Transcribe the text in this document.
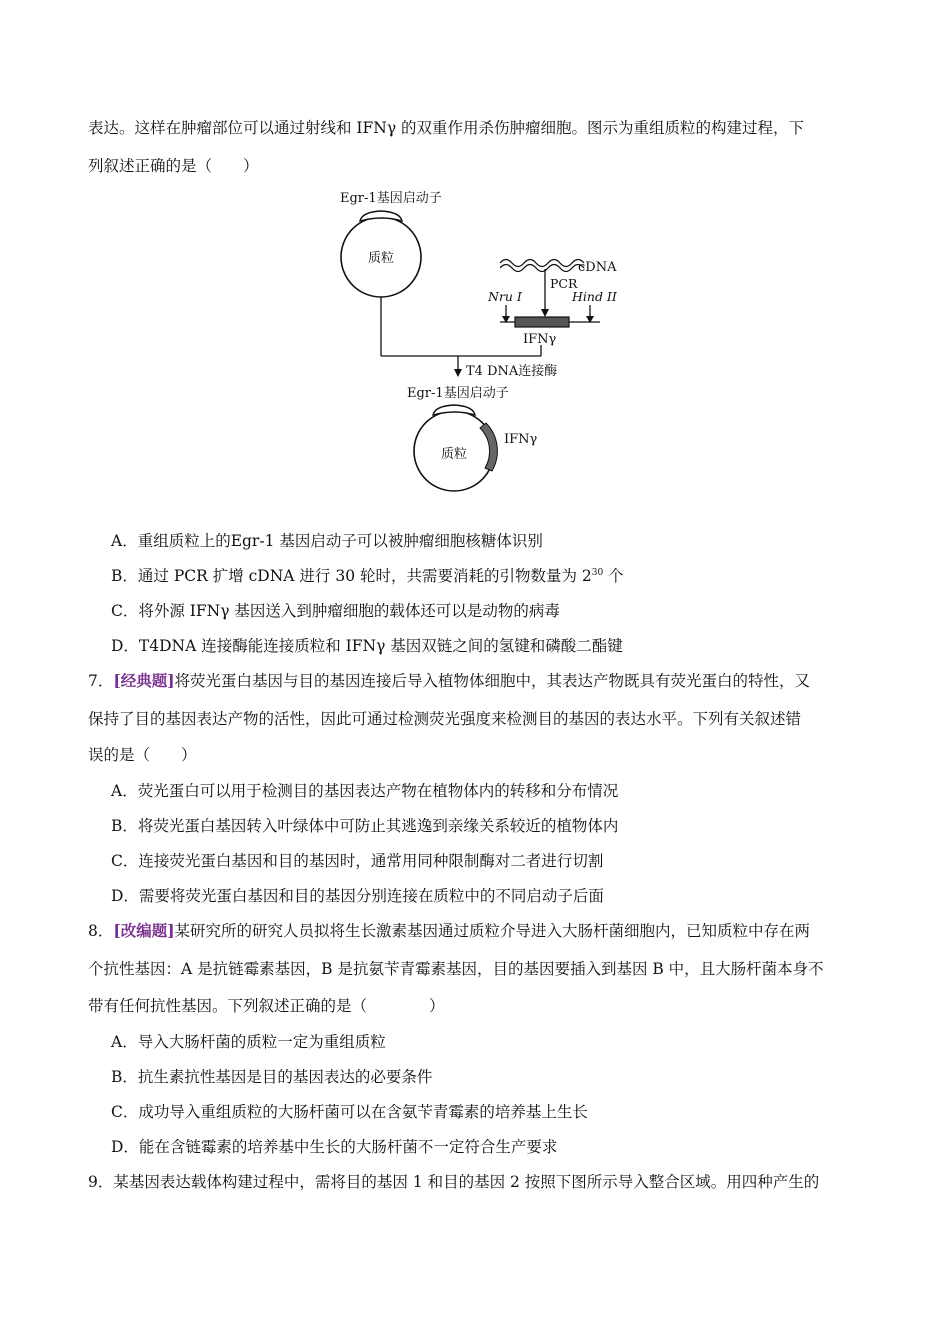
表达。这样在肿瘤部位可以通过射线和 IFNγ 的双重作用杀伤肿瘤细胞。图示为重组质粒的构建过程，下
列叙述正确的是（　　）
Egr-1基因启动子
质粒
cDNA
PCR
Nru I	Hind II
IFNγ
T4 DNA连接酶
Egr-1基因启动子
IFNγ
质粒
A．重组质粒上的Egr-1 基因启动子可以被肿瘤细胞核糖体识别
B．通过 PCR 扩增 cDNA 进行 30 轮时，共需要消耗的引物数量为 $2^{30}$ 个
C．将外源 IFNγ 基因送入到肿瘤细胞的载体还可以是动物的病毒
D．T4DNA 连接酶能连接质粒和 IFNγ 基因双链之间的氢键和磷酸二酯键
7．[经典题]将荧光蛋白基因与目的基因连接后导入植物体细胞中，其表达产物既具有荧光蛋白的特性，又
保持了目的基因表达产物的活性，因此可通过检测荧光强度来检测目的基因的表达水平。下列有关叙述错
误的是（　　）
A．荧光蛋白可以用于检测目的基因表达产物在植物体内的转移和分布情况
B．将荧光蛋白基因转入叶绿体中可防止其逃逸到亲缘关系较近的植物体内
C．连接荧光蛋白基因和目的基因时，通常用同种限制酶对二者进行切割
D．需要将荧光蛋白基因和目的基因分别连接在质粒中的不同启动子后面
8．[改编题]某研究所的研究人员拟将生长激素基因通过质粒介导进入大肠杆菌细胞内，已知质粒中存在两
个抗性基因：A 是抗链霉素基因，B 是抗氨苄青霉素基因，目的基因要插入到基因 B 中，且大肠杆菌本身不
带有任何抗性基因。下列叙述正确的是（　　　　）
A．导入大肠杆菌的质粒一定为重组质粒
B．抗生素抗性基因是目的基因表达的必要条件
C．成功导入重组质粒的大肠杆菌可以在含氨苄青霉素的培养基上生长
D．能在含链霉素的培养基中生长的大肠杆菌不一定符合生产要求
9．某基因表达载体构建过程中，需将目的基因 1 和目的基因 2 按照下图所示导入整合区域。用四种产生的
